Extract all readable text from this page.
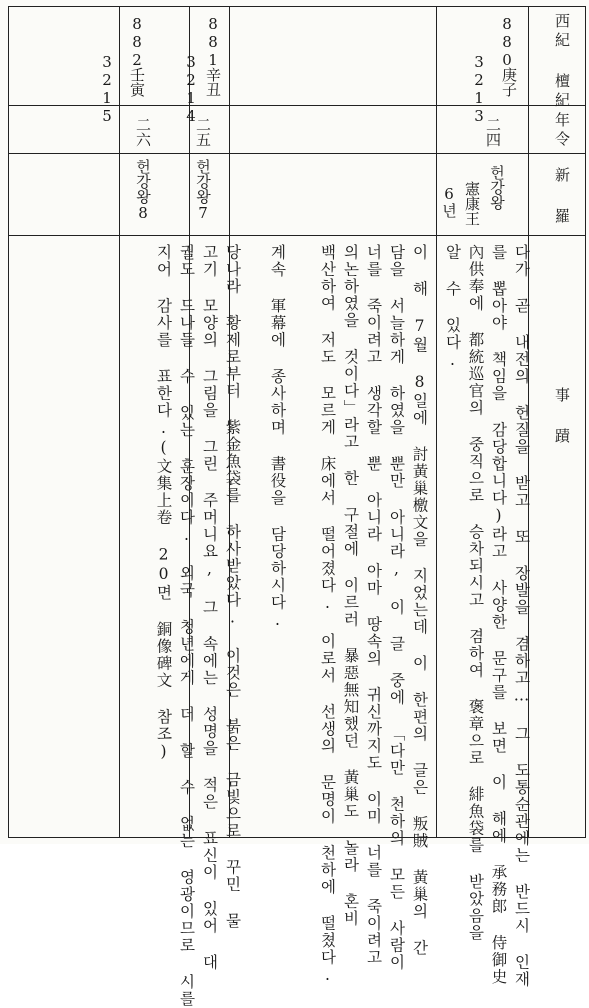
西紀 檀紀
年令
新 羅
事 蹟
880
3213 庚子
二四
헌강왕
憲康王
6년
881
3214 辛丑
二五
헌강왕7
882
3215 壬寅
二六
헌강왕8
다가 곧 내전의 헌질을 받고 또 장발을 겸하고… 그 도통순관에는 반드시 인재
를 뽑아야 책임을 감당합니다)라고 사양한 문구를 보면 이 해에 承務郎 侍御史
內供奉에 都統巡官의 중직으로 승차되시고 겸하여 褒章으로 緋魚袋를 받았음을
알 수 있다.
이 해 7월 8일에 討黃巢檄文을 지었는데 이 한편의 글은 叛賊 黃巢의 간
담을 서늘하게 하였을 뿐만 아니라, 이 글 중에 「다만 천하의 모든 사람이
너를 죽이려고 생각할 뿐 아니라 아마 땅속의 귀신까지도 이미 너를 죽이려고
의논하였을 것이다」라고 한 구절에 이르러 暴惡無知했던 黃巢도 놀라 혼비
백산하여 저도 모르게 床에서 떨어졌다. 이로서 선생의 문명이 천하에 떨쳤다.
계속 軍幕에 종사하며 書役을 담당하시다.
당나라 황제로부터 紫金魚袋를 하사받았다. 이것은 붉은 금빛으로 꾸민 물
고기 모양의 그림을 그린 주머니요, 그 속에는 성명을 적은 표신이 있어 대
궐도 드나들 수 있는 훈장이다. 외국 청년에게 더 할 수 없는 영광이므로 시를
지어 감사를 표한다.(文集上卷 20면 銅像碑文 참조)
